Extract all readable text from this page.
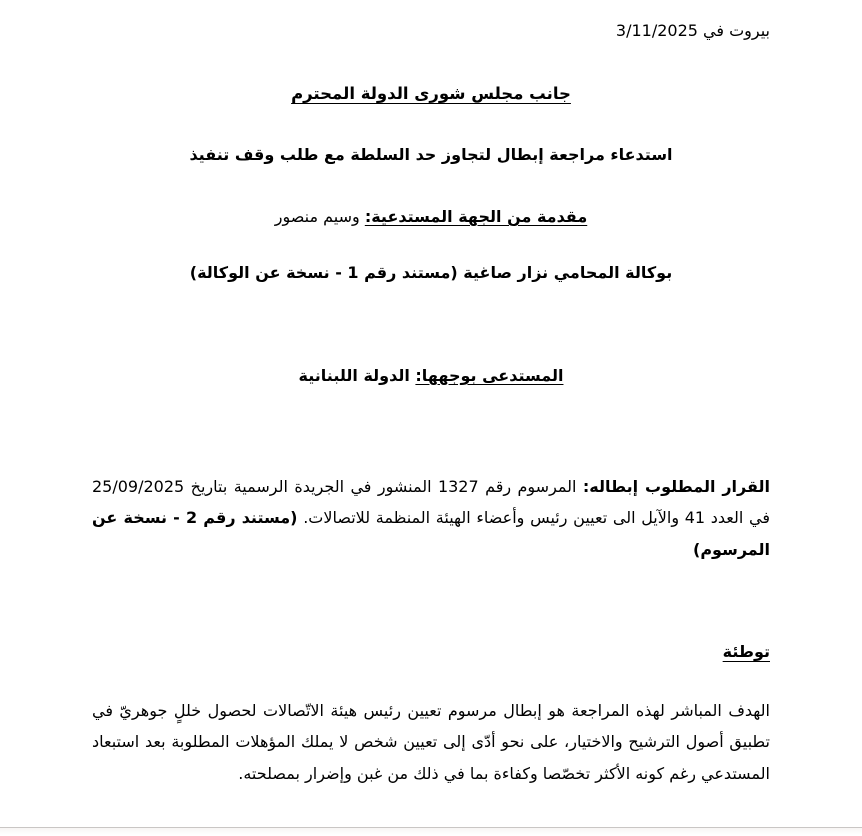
بيروت في 3/11/2025
جانب مجلس شورى الدولة المحترم
استدعاء مراجعة إبطال لتجاوز حد السلطة مع طلب وقف تنفيذ
مقدمة من الجهة المستدعية: وسيم منصور
بوكالة المحامي نزار صاغية (مستند رقم 1 - نسخة عن الوكالة)
المستدعى بوجهها: الدولة اللبنانية
القرار المطلوب إبطاله: المرسوم رقم 1327 المنشور في الجريدة الرسمية بتاريخ 25/09/2025 في العدد 41 والآيل الى تعيين رئيس وأعضاء الهيئة المنظمة للاتصالات. (مستند رقم 2 - نسخة عن المرسوم)
توطئة
الهدف المباشر لهذه المراجعة هو إبطال مرسوم تعيين رئيس هيئة الاتّصالات لحصول خللٍ جوهريّ في تطبيق أصول الترشيح والاختيار، على نحو أدّى إلى تعيين شخص لا يملك المؤهلات المطلوبة بعد استبعاد المستدعي رغم كونه الأكثر تخصّصا وكفاءة بما في ذلك من غبن وإضرار بمصلحته.
